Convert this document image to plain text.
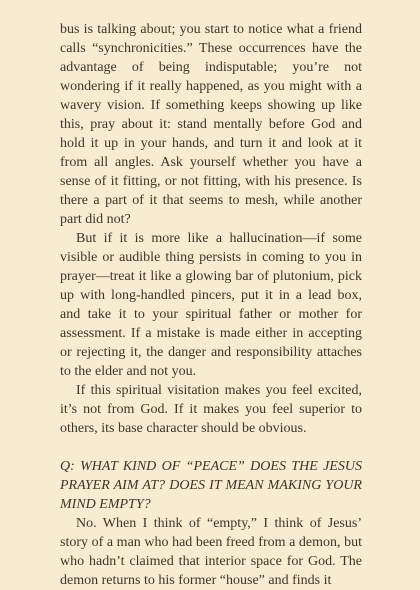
bus is talking about; you start to notice what a friend calls “synchronicities.” These occurrences have the advantage of being indisputable; you’re not wondering if it really happened, as you might with a wavery vision. If something keeps showing up like this, pray about it: stand mentally before God and hold it up in your hands, and turn it and look at it from all angles. Ask yourself whether you have a sense of it fitting, or not fitting, with his presence. Is there a part of it that seems to mesh, while another part did not?

But if it is more like a hallucination—if some visible or audible thing persists in coming to you in prayer—treat it like a glowing bar of plutonium, pick up with long-handled pincers, put it in a lead box, and take it to your spiritual father or mother for assessment. If a mistake is made either in accepting or rejecting it, the danger and responsibility attaches to the elder and not you.

If this spiritual visitation makes you feel excited, it’s not from God. If it makes you feel superior to others, its base character should be obvious.

Q: WHAT KIND OF “PEACE” DOES THE JESUS PRAYER AIM AT? DOES IT MEAN MAKING YOUR MIND EMPTY?

No. When I think of “empty,” I think of Jesus’ story of a man who had been freed from a demon, but who hadn’t claimed that interior space for God. The demon returns to his former “house” and finds it
